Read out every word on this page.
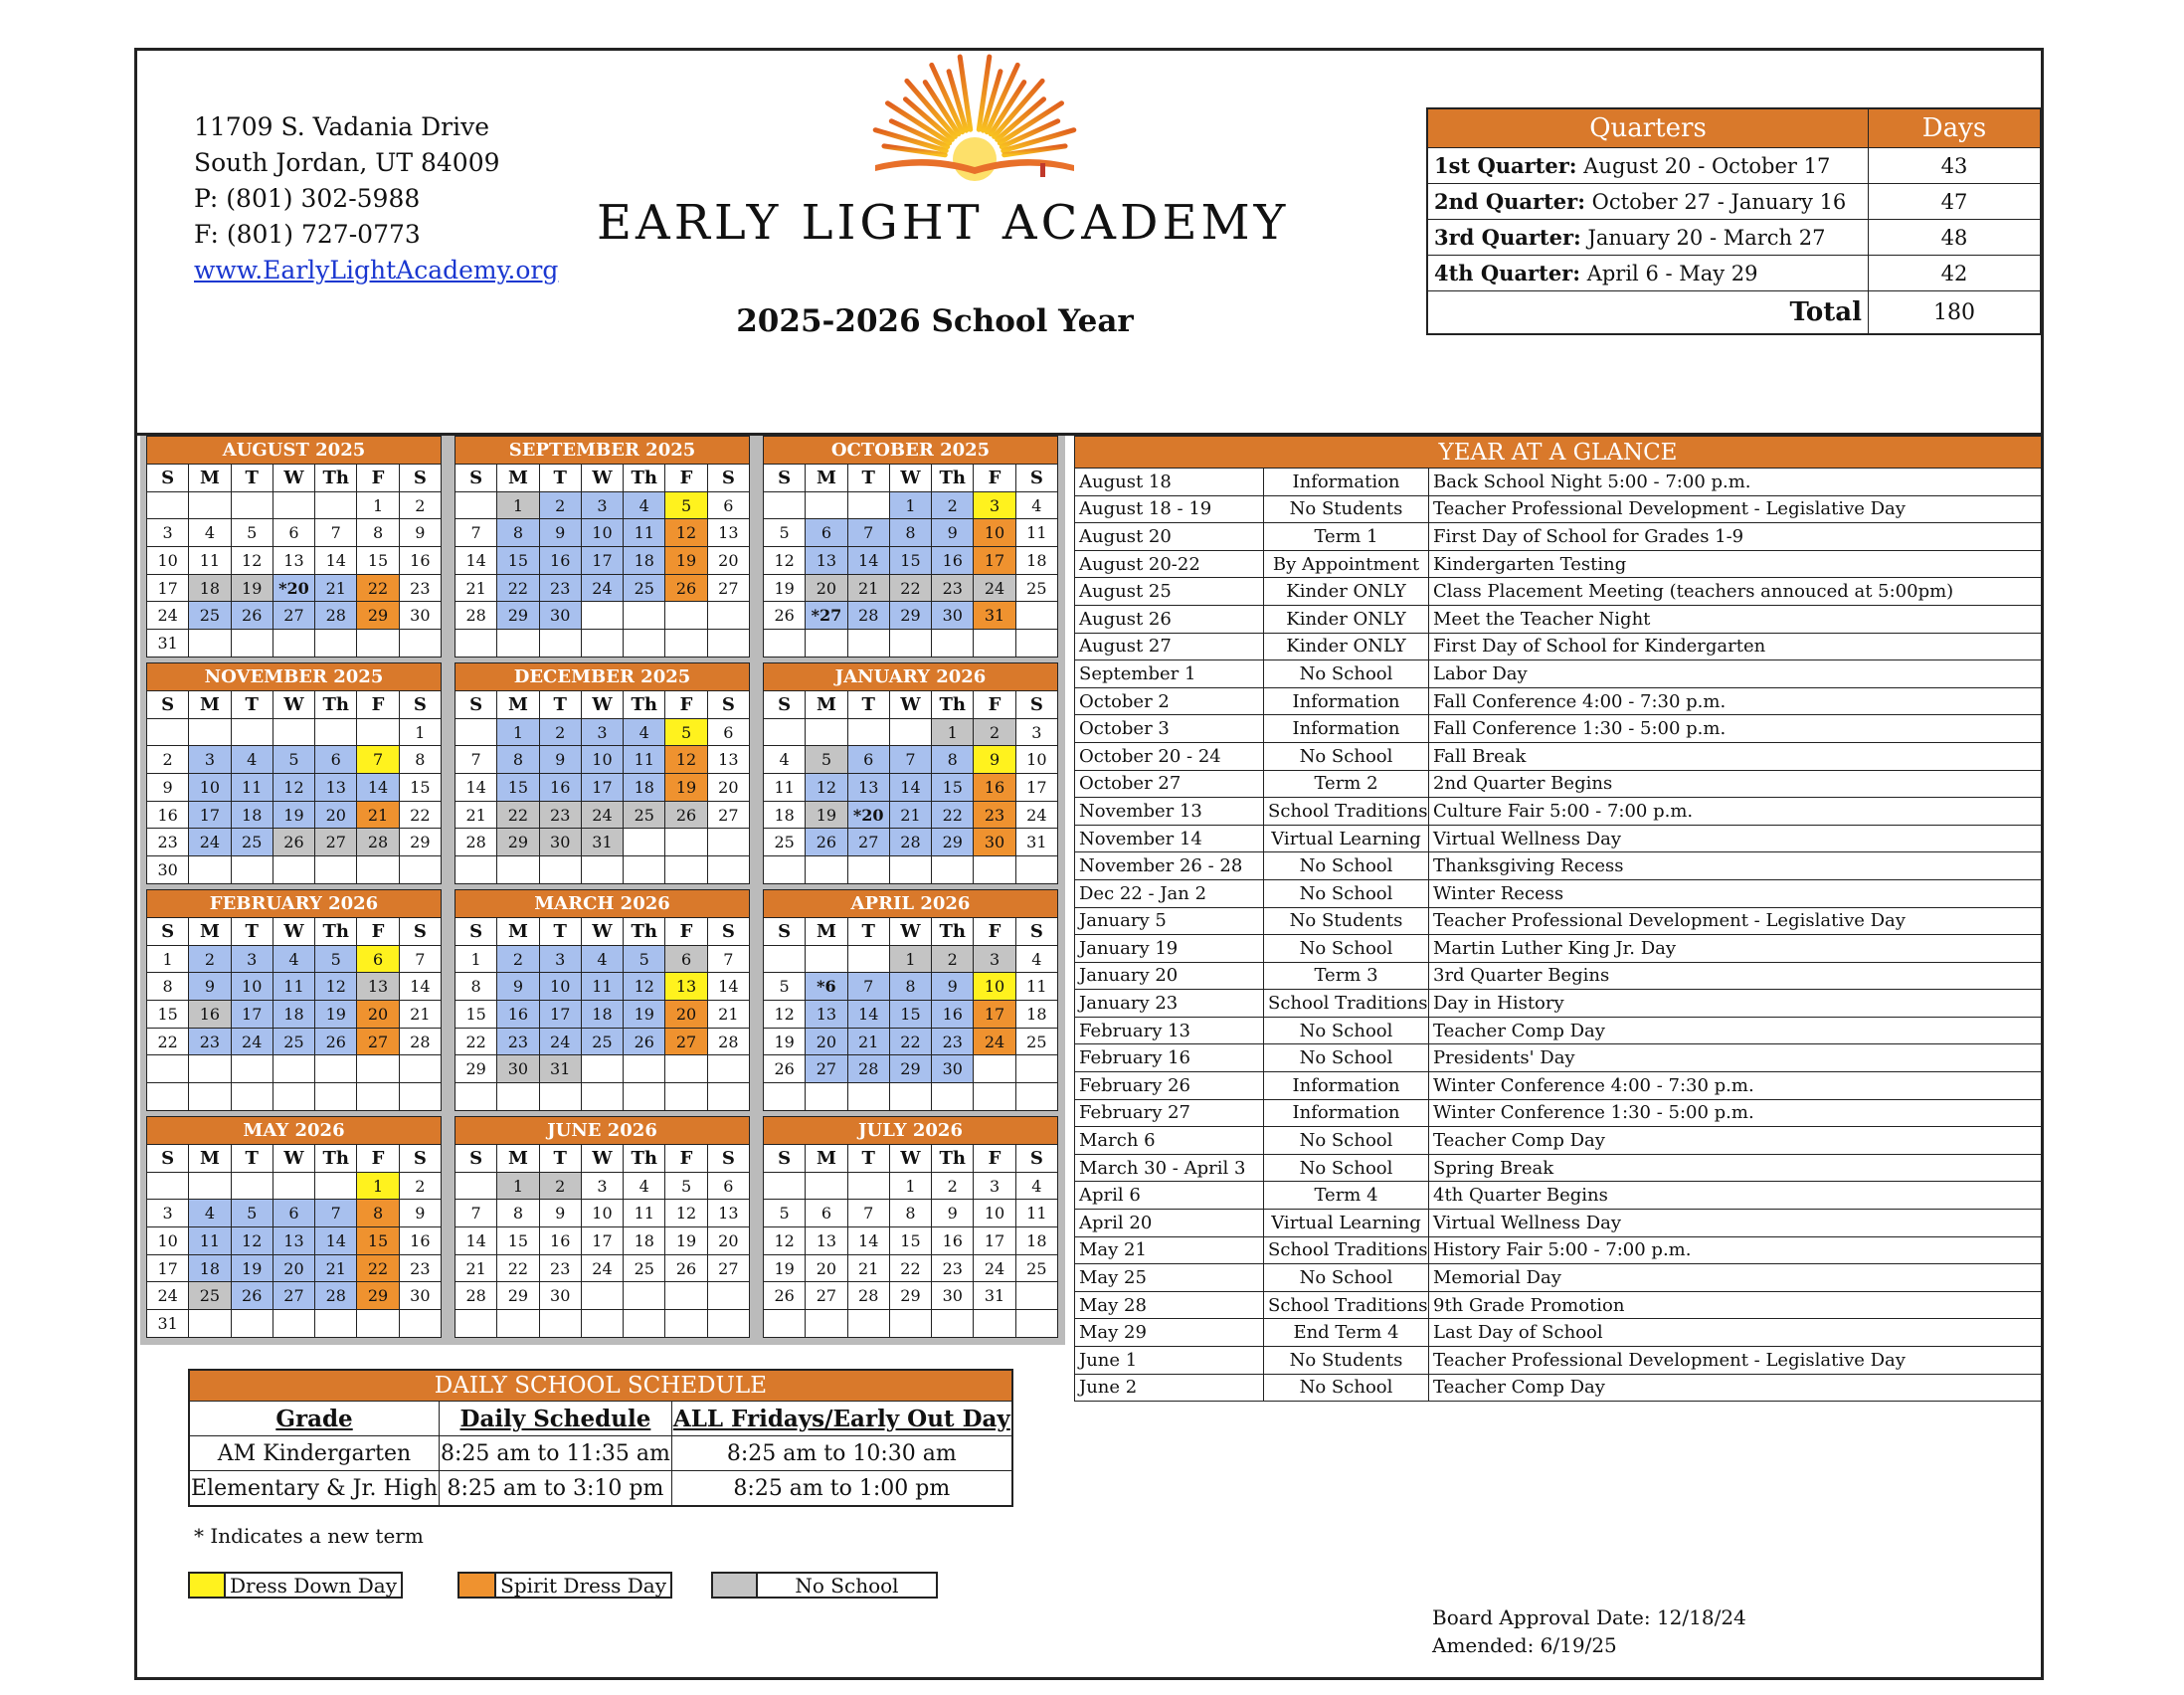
11709 S. Vadania Drive
South Jordan, UT 84009
P: (801) 302-5988
F: (801) 727-0773
www.EarlyLightAcademy.org
EARLY LIGHT ACADEMY
2025-2026 School Year
Quarters	Days
1st Quarter: August 20 - October 17	43
2nd Quarter: October 27 - January 16	47
3rd Quarter: January 20 - March 27	48
4th Quarter: April 6 - May 29	42
Total	180
AUGUST 2025						
S	M	T	W	Th	F	S
					1	2
3	4	5	6	7	8	9
10	11	12	13	14	15	16
17	18	19	*20	21	22	23
24	25	26	27	28	29	30
31						
SEPTEMBER 2025						
S	M	T	W	Th	F	S
	1	2	3	4	5	6
7	8	9	10	11	12	13
14	15	16	17	18	19	20
21	22	23	24	25	26	27
28	29	30				

OCTOBER 2025						
S	M	T	W	Th	F	S
			1	2	3	4
5	6	7	8	9	10	11
12	13	14	15	16	17	18
19	20	21	22	23	24	25
26	*27	28	29	30	31	

NOVEMBER 2025						
S	M	T	W	Th	F	S
						1
2	3	4	5	6	7	8
9	10	11	12	13	14	15
16	17	18	19	20	21	22
23	24	25	26	27	28	29
30						
DECEMBER 2025						
S	M	T	W	Th	F	S
	1	2	3	4	5	6
7	8	9	10	11	12	13
14	15	16	17	18	19	20
21	22	23	24	25	26	27
28	29	30	31			

JANUARY 2026						
S	M	T	W	Th	F	S
				1	2	3
4	5	6	7	8	9	10
11	12	13	14	15	16	17
18	19	*20	21	22	23	24
25	26	27	28	29	30	31

FEBRUARY 2026						
S	M	T	W	Th	F	S
1	2	3	4	5	6	7
8	9	10	11	12	13	14
15	16	17	18	19	20	21
22	23	24	25	26	27	28

MARCH 2026						
S	M	T	W	Th	F	S
1	2	3	4	5	6	7
8	9	10	11	12	13	14
15	16	17	18	19	20	21
22	23	24	25	26	27	28
29	30	31				

APRIL 2026						
S	M	T	W	Th	F	S
			1	2	3	4
5	*6	7	8	9	10	11
12	13	14	15	16	17	18
19	20	21	22	23	24	25
26	27	28	29	30		

MAY 2026						
S	M	T	W	Th	F	S
					1	2
3	4	5	6	7	8	9
10	11	12	13	14	15	16
17	18	19	20	21	22	23
24	25	26	27	28	29	30
31						
JUNE 2026						
S	M	T	W	Th	F	S
	1	2	3	4	5	6
7	8	9	10	11	12	13
14	15	16	17	18	19	20
21	22	23	24	25	26	27
28	29	30				

JULY 2026						
S	M	T	W	Th	F	S
			1	2	3	4
5	6	7	8	9	10	11
12	13	14	15	16	17	18
19	20	21	22	23	24	25
26	27	28	29	30	31	

YEAR AT A GLANCE		
August 18	Information	Back School Night 5:00 - 7:00 p.m.
August 18 - 19	No Students	Teacher Professional Development - Legislative Day
August 20	Term 1	First Day of School for Grades 1-9
August 20-22	By Appointment	Kindergarten Testing
August 25	Kinder ONLY	Class Placement Meeting (teachers annouced at 5:00pm)
August 26	Kinder ONLY	Meet the Teacher Night
August 27	Kinder ONLY	First Day of School for Kindergarten
September 1	No School	Labor Day
October 2	Information	Fall Conference 4:00 - 7:30 p.m.
October 3	Information	Fall Conference 1:30 - 5:00 p.m.
October 20 - 24	No School	Fall Break
October 27	Term 2	2nd Quarter Begins
November 13	School Traditions	Culture Fair 5:00 - 7:00 p.m.
November 14	Virtual Learning	Virtual Wellness Day
November 26 - 28	No School	Thanksgiving Recess
Dec 22 - Jan 2	No School	Winter Recess
January 5	No Students	Teacher Professional Development - Legislative Day
January 19	No School	Martin Luther King Jr. Day
January 20	Term 3	3rd Quarter Begins
January 23	School Traditions	Day in History
February 13	No School	Teacher Comp Day
February 16	No School	Presidents' Day
February 26	Information	Winter Conference 4:00 - 7:30 p.m.
February 27	Information	Winter Conference 1:30 - 5:00 p.m.
March 6	No School	Teacher Comp Day
March 30 - April 3	No School	Spring Break
April 6	Term 4	4th Quarter Begins
April 20	Virtual Learning	Virtual Wellness Day
May 21	School Traditions	History Fair 5:00 - 7:00 p.m.
May 25	No School	Memorial Day
May 28	School Traditions	9th Grade Promotion
May 29	End Term 4	Last Day of School
June 1	No Students	Teacher Professional Development - Legislative Day
June 2	No School	Teacher Comp Day
DAILY SCHOOL SCHEDULE		
Grade	Daily Schedule	ALL Fridays/Early Out Day
AM Kindergarten	8:25 am to 11:35 am	8:25 am to 10:30 am
Elementary & Jr. High	8:25 am to 3:10 pm	8:25 am to 1:00 pm
* Indicates a new term
Dress Down Day	Spirit Dress Day	No School
Board Approval Date: 12/18/24
Amended: 6/19/25
